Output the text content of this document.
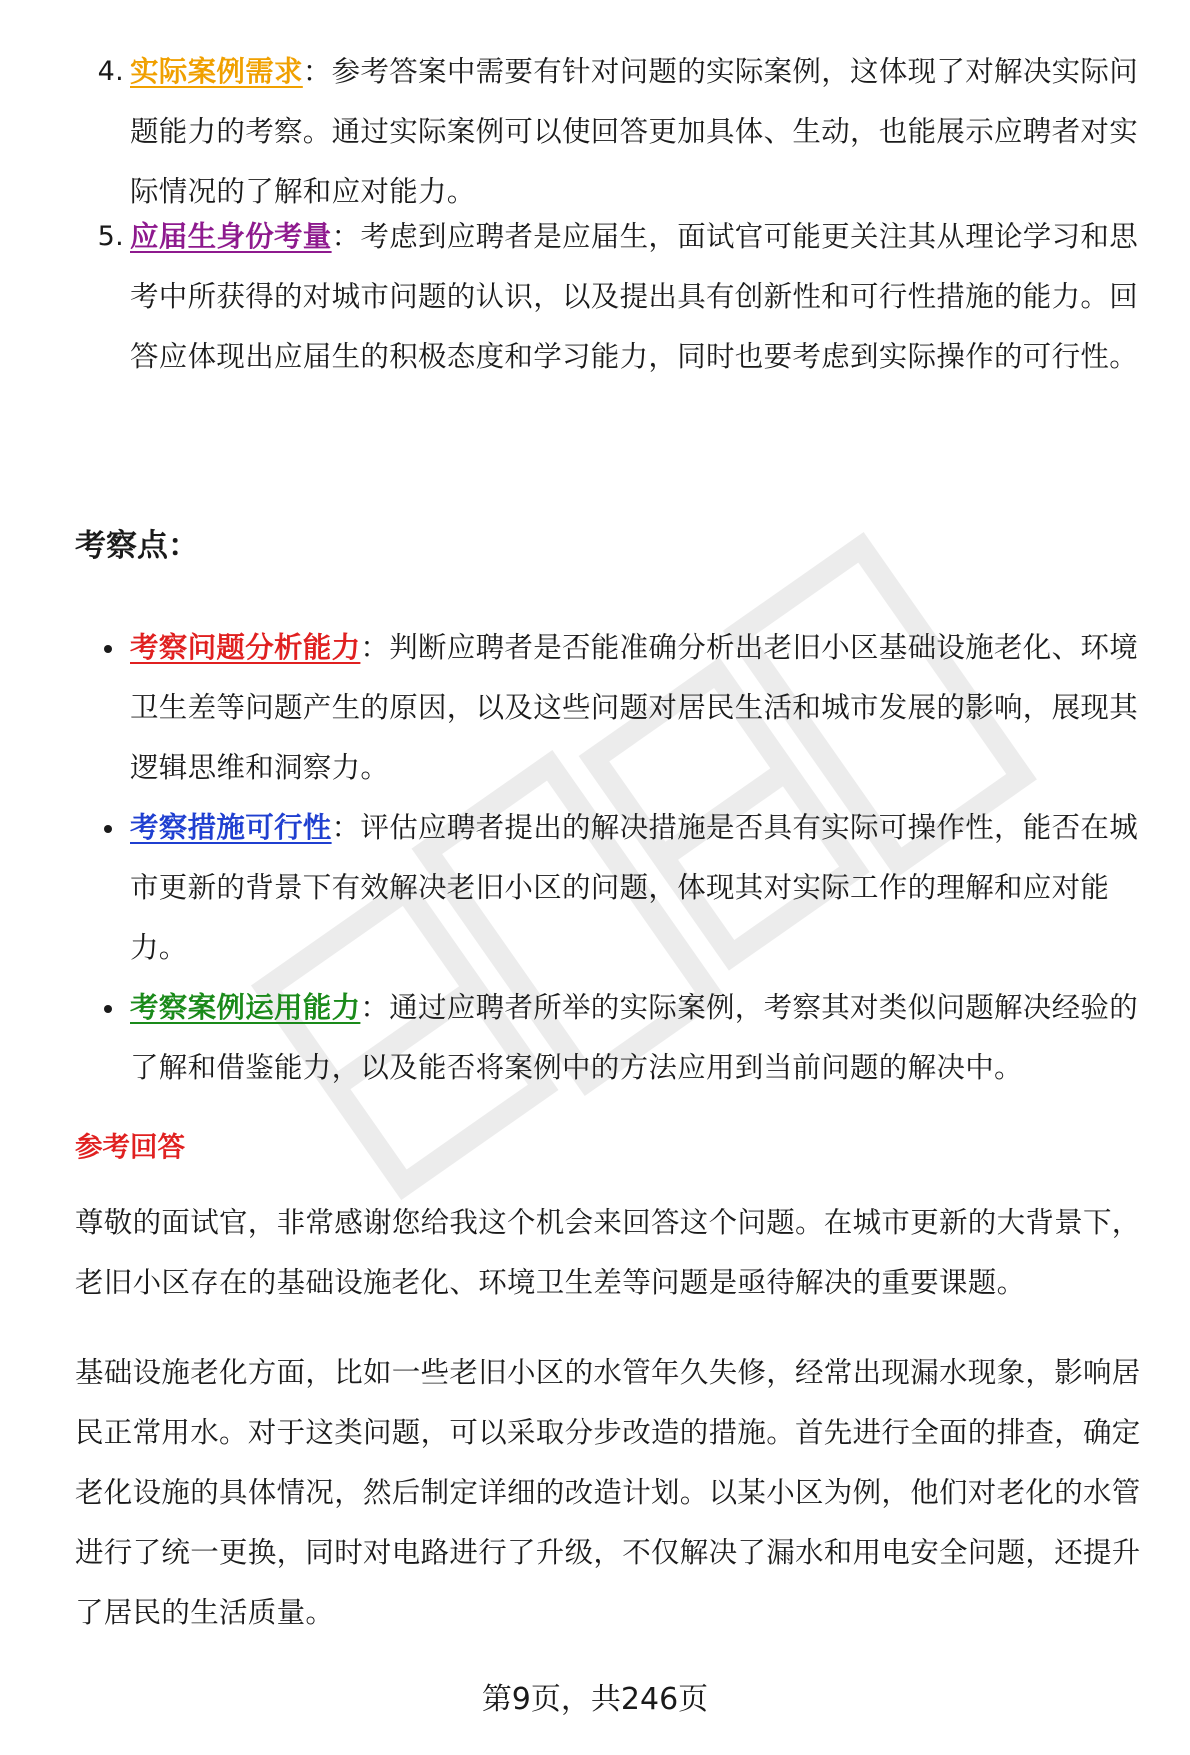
4. 实际案例需求：参考答案中需要有针对问题的实际案例，这体现了对解决实际问题能力的考察。通过实际案例可以使回答更加具体、生动，也能展示应聘者对实际情况的了解和应对能力。
5. 应届生身份考量：考虑到应聘者是应届生，面试官可能更关注其从理论学习和思考中所获得的对城市问题的认识，以及提出具有创新性和可行性措施的能力。回答应体现出应届生的积极态度和学习能力，同时也要考虑到实际操作的可行性。
考察点：
考察问题分析能力：判断应聘者是否能准确分析出老旧小区基础设施老化、环境卫生差等问题产生的原因，以及这些问题对居民生活和城市发展的影响，展现其逻辑思维和洞察力。
考察措施可行性：评估应聘者提出的解决措施是否具有实际可操作性，能否在城市更新的背景下有效解决老旧小区的问题，体现其对实际工作的理解和应对能力。
考察案例运用能力：通过应聘者所举的实际案例，考察其对类似问题解决经验的了解和借鉴能力，以及能否将案例中的方法应用到当前问题的解决中。
参考回答
尊敬的面试官，非常感谢您给我这个机会来回答这个问题。在城市更新的大背景下，老旧小区存在的基础设施老化、环境卫生差等问题是亟待解决的重要课题。
基础设施老化方面，比如一些老旧小区的水管年久失修，经常出现漏水现象，影响居民正常用水。对于这类问题，可以采取分步改造的措施。首先进行全面的排查，确定老化设施的具体情况，然后制定详细的改造计划。以某小区为例，他们对老化的水管进行了统一更换，同时对电路进行了升级，不仅解决了漏水和用电安全问题，还提升了居民的生活质量。
第9页，共246页
